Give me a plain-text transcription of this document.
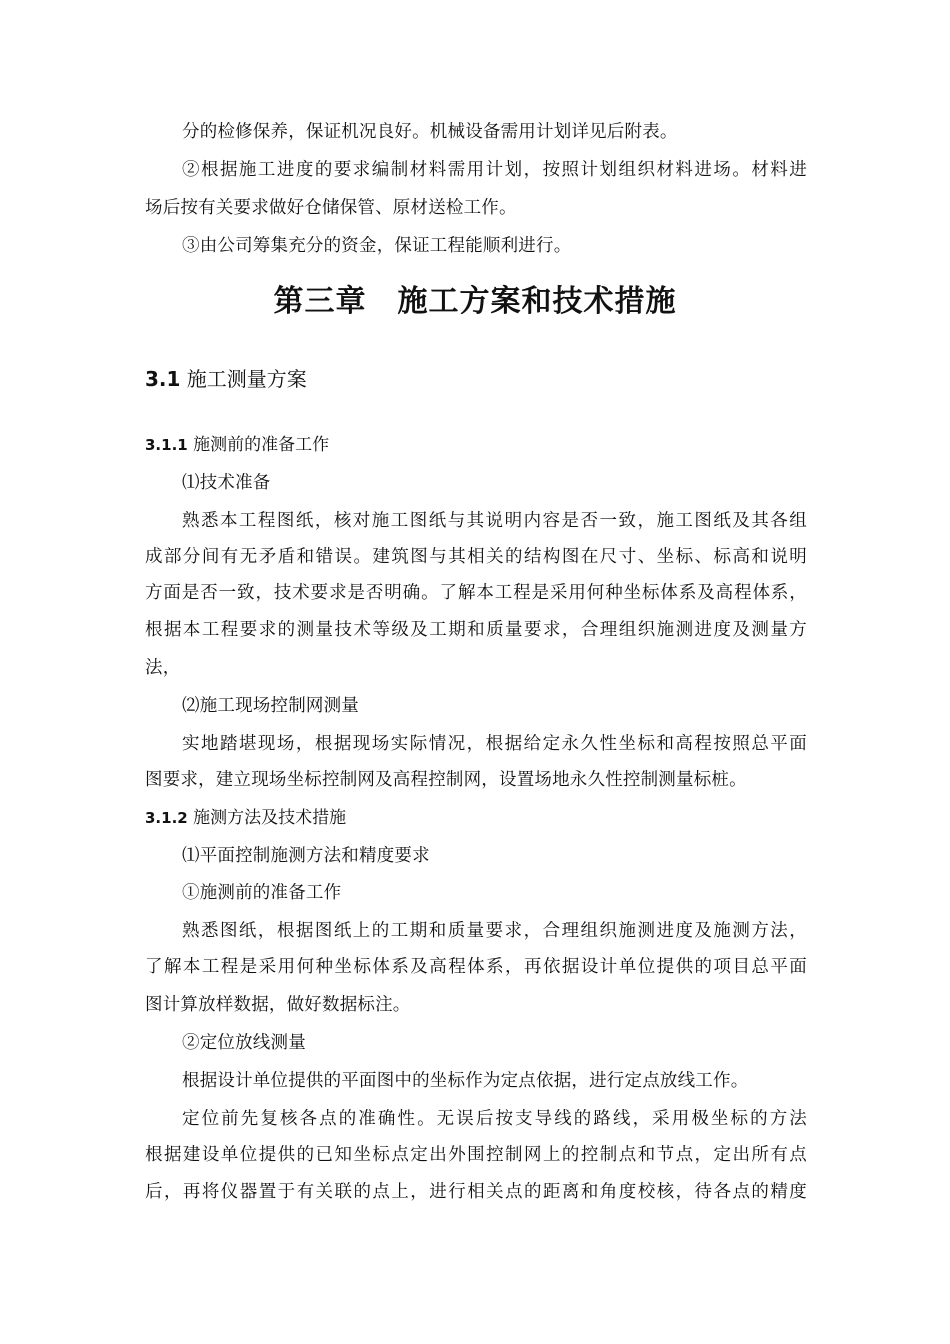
分的检修保养，保证机况良好。机械设备需用计划详见后附表。
②根据施工进度的要求编制材料需用计划，按照计划组织材料进场。材料进
场后按有关要求做好仓储保管、原材送检工作。
③由公司筹集充分的资金，保证工程能顺利进行。
第三章　施工方案和技术措施
3.1 施工测量方案
3.1.1 施测前的准备工作
⑴技术准备
熟悉本工程图纸，核对施工图纸与其说明内容是否一致，施工图纸及其各组
成部分间有无矛盾和错误。建筑图与其相关的结构图在尺寸、坐标、标高和说明
方面是否一致，技术要求是否明确。了解本工程是采用何种坐标体系及高程体系，
根据本工程要求的测量技术等级及工期和质量要求，合理组织施测进度及测量方
法，
⑵施工现场控制网测量
实地踏堪现场，根据现场实际情况，根据给定永久性坐标和高程按照总平面
图要求，建立现场坐标控制网及高程控制网，设置场地永久性控制测量标桩。
3.1.2 施测方法及技术措施
⑴平面控制施测方法和精度要求
①施测前的准备工作
熟悉图纸，根据图纸上的工期和质量要求，合理组织施测进度及施测方法，
了解本工程是采用何种坐标体系及高程体系，再依据设计单位提供的项目总平面
图计算放样数据，做好数据标注。
②定位放线测量
根据设计单位提供的平面图中的坐标作为定点依据，进行定点放线工作。
定位前先复核各点的准确性。无误后按支导线的路线，采用极坐标的方法
根据建设单位提供的已知坐标点定出外围控制网上的控制点和节点，定出所有点
后，再将仪器置于有关联的点上，进行相关点的距离和角度校核，待各点的精度
